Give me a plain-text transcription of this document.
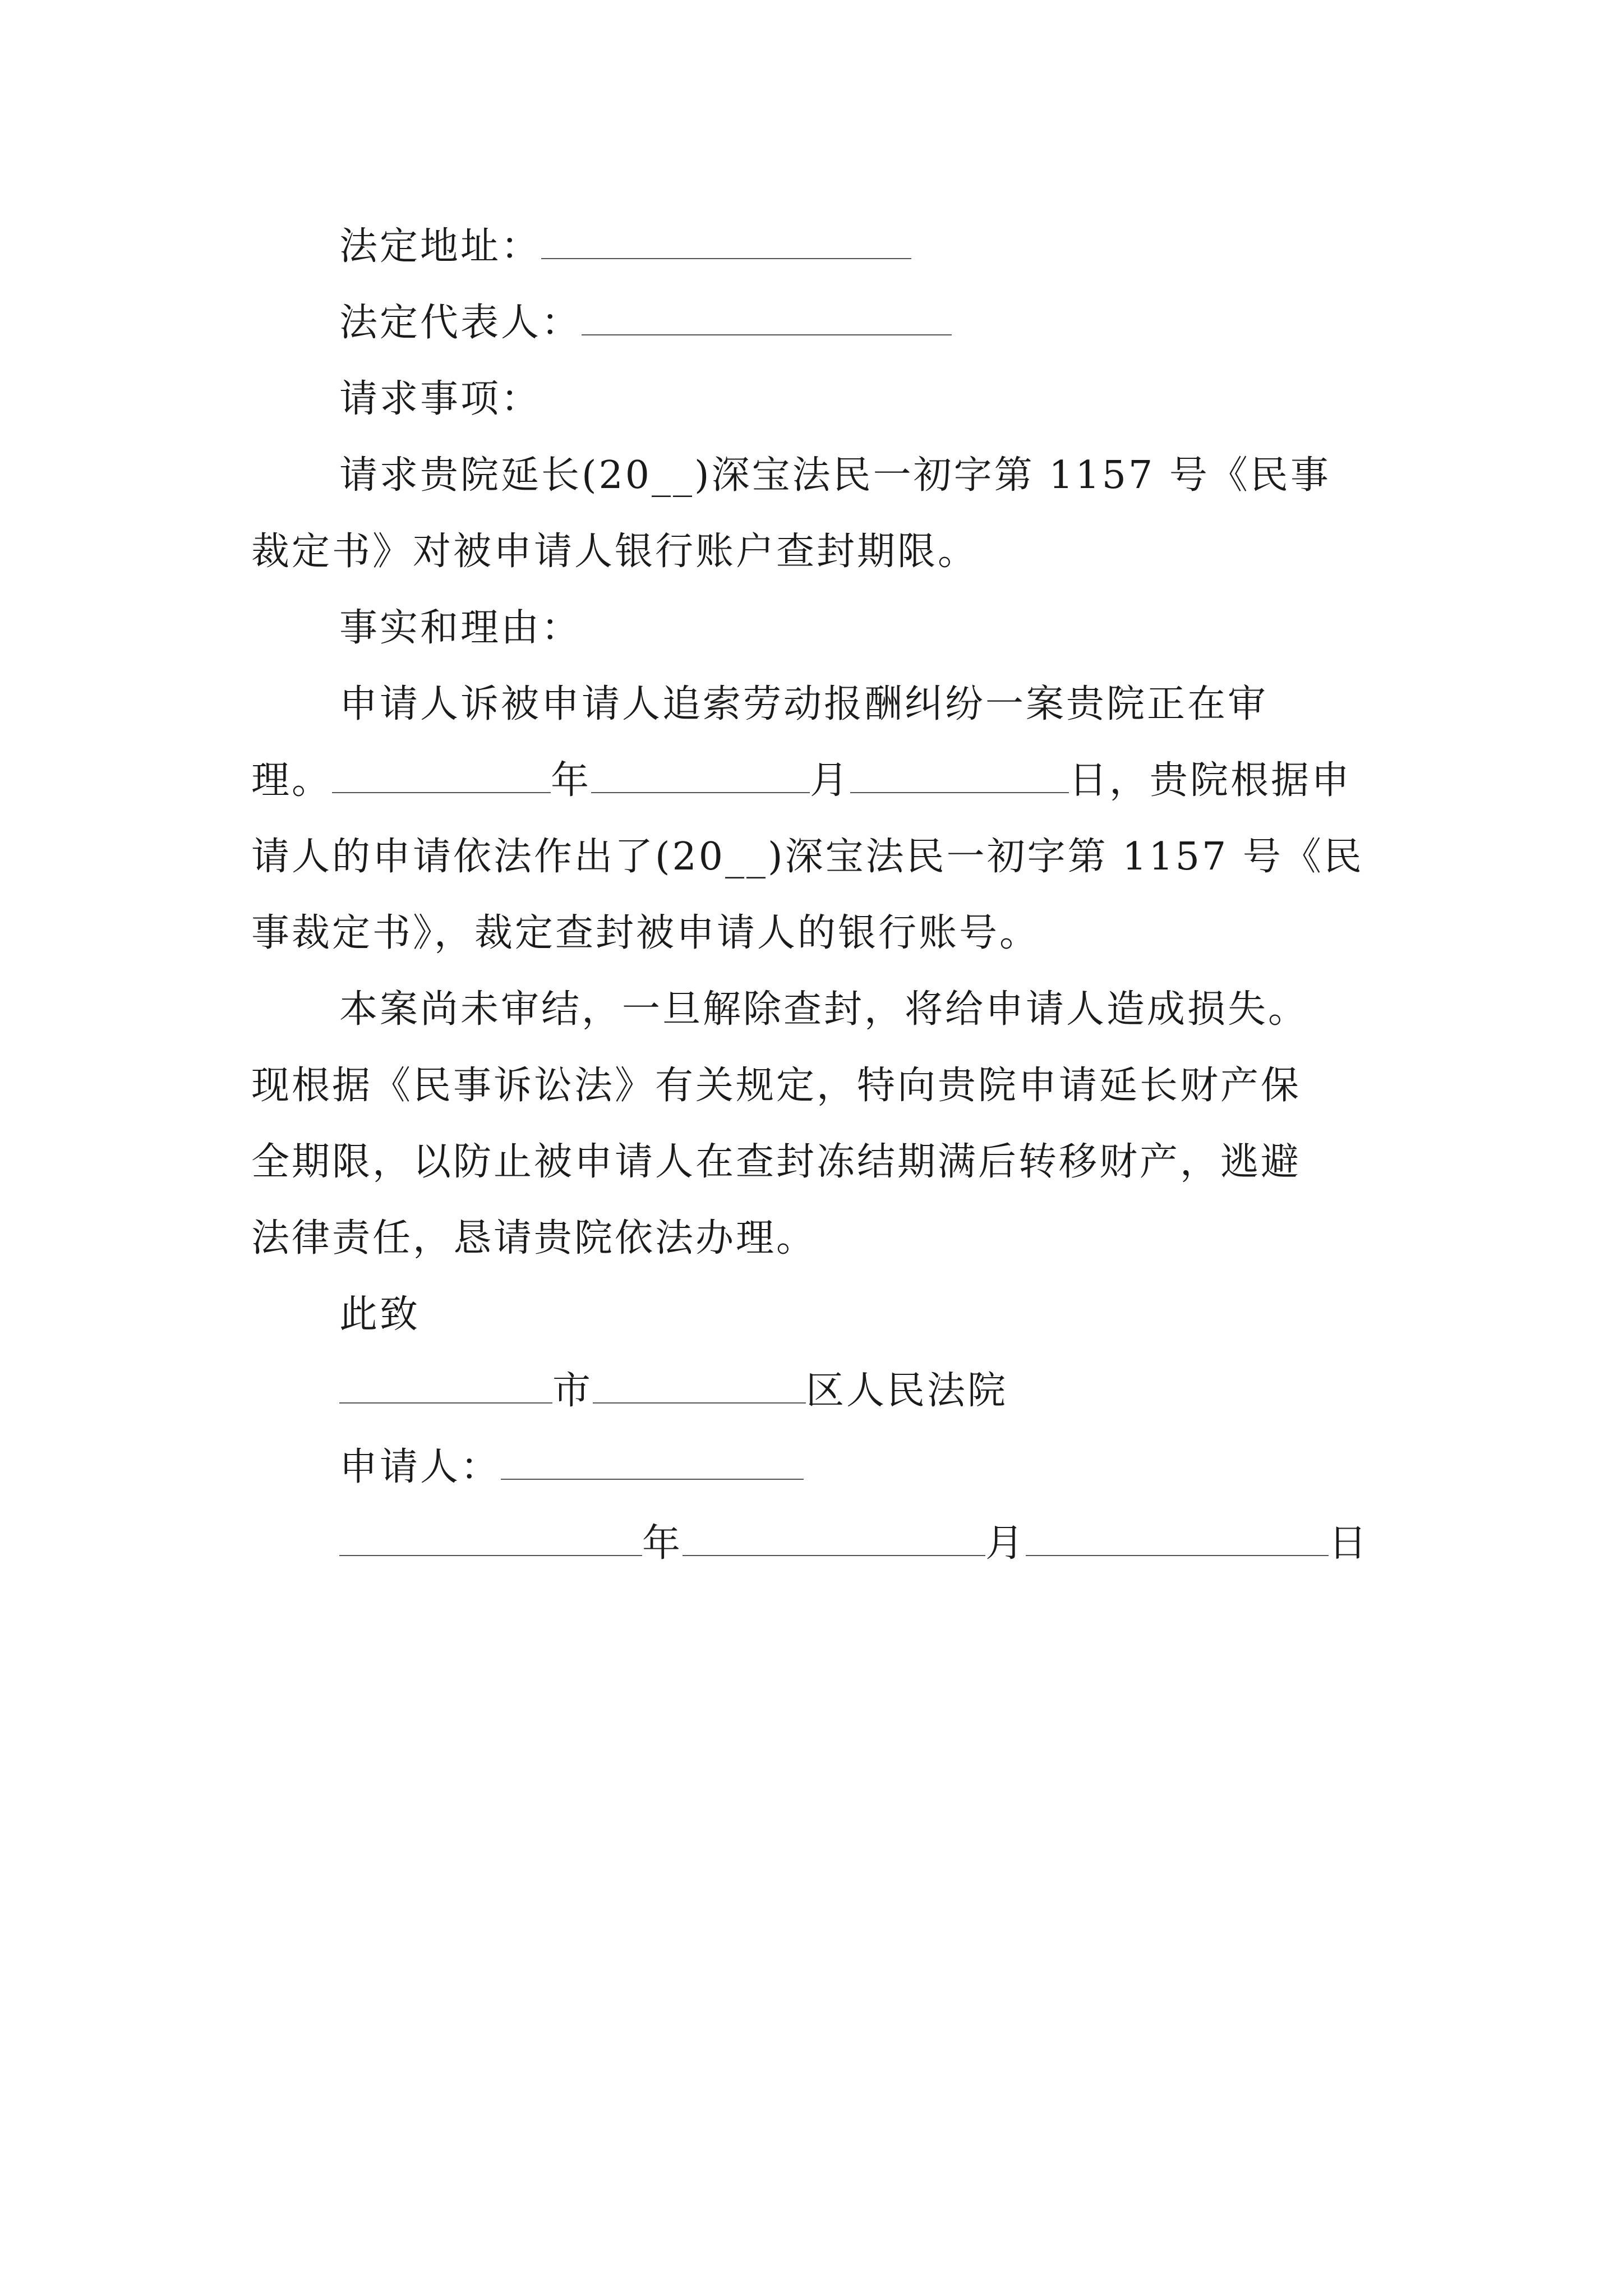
法定地址：
法定代表人：
请求事项：
请求贵院延长(20__)深宝法民一初字第 1157 号《民事
裁定书》对被申请人银行账户查封期限。
事实和理由：
申请人诉被申请人追索劳动报酬纠纷一案贵院正在审
理。	年	月	日，贵院根据申
请人的申请依法作出了(20__)深宝法民一初字第 1157 号《民
事裁定书》，裁定查封被申请人的银行账号。
本案尚未审结，一旦解除查封，将给申请人造成损失。
现根据《民事诉讼法》有关规定，特向贵院申请延长财产保
全期限，以防止被申请人在查封冻结期满后转移财产，逃避
法律责任，恳请贵院依法办理。
此致
市	区人民法院
申请人：
年	月	日
